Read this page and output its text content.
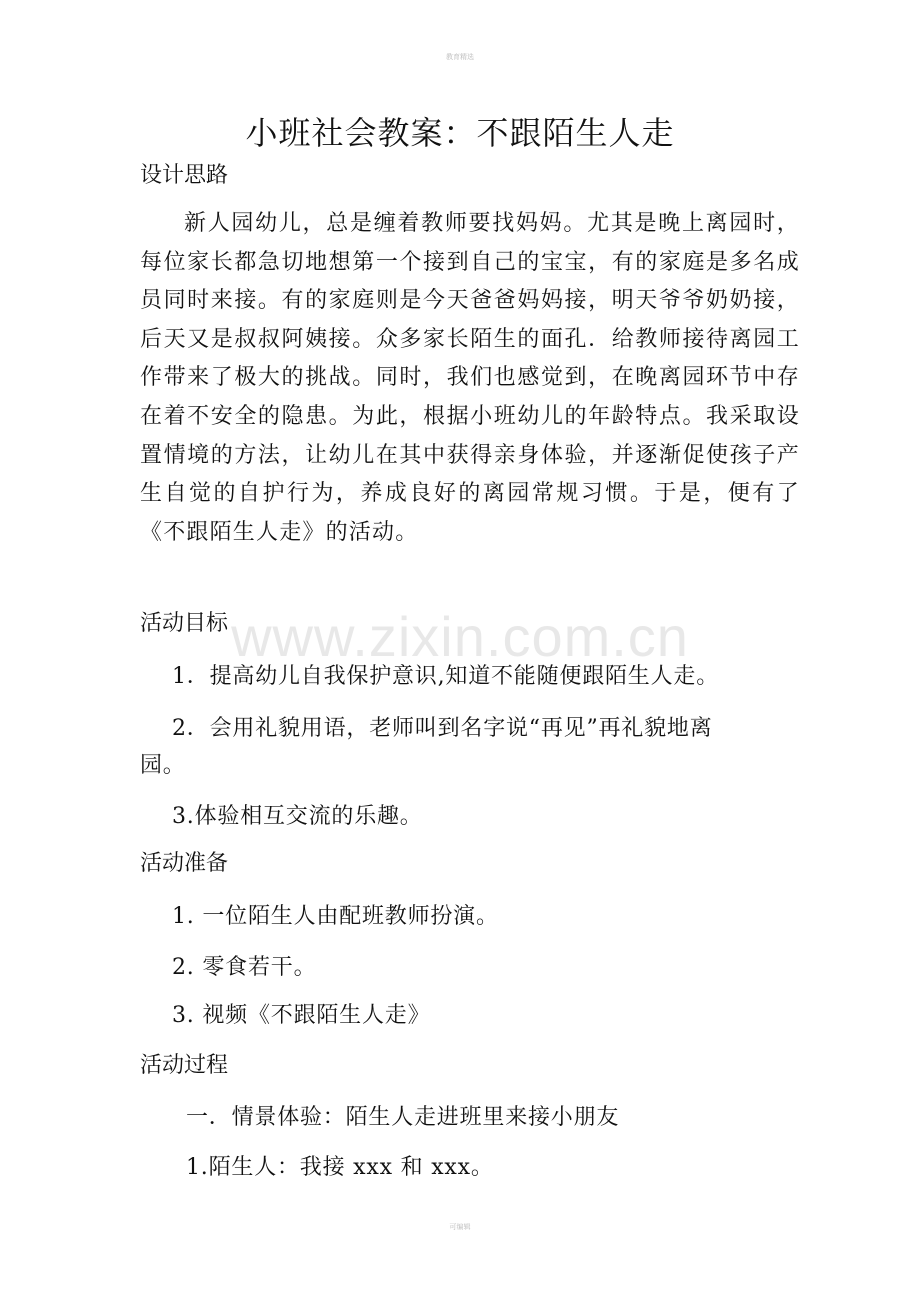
教育精选
小班社会教案：不跟陌生人走
设计思路

新人园幼儿，总是缠着教师要找妈妈。尤其是晚上离园时，每位家长都急切地想第一个接到自己的宝宝，有的家庭是多名成员同时来接。有的家庭则是今天爸爸妈妈接，明天爷爷奶奶接，后天又是叔叔阿姨接。众多家长陌生的面孔．给教师接待离园工作带来了极大的挑战。同时，我们也感觉到，在晚离园环节中存在着不安全的隐患。为此，根据小班幼儿的年龄特点。我采取设置情境的方法，让幼儿在其中获得亲身体验，并逐渐促使孩子产生自觉的自护行为，养成良好的离园常规习惯。于是，便有了《不跟陌生人走》的活动。

活动目标

1．提高幼儿自我保护意识,知道不能随便跟陌生人走。

2．会用礼貌用语，老师叫到名字说“再见”再礼貌地离

园。

3.体验相互交流的乐趣。

活动准备

1. 一位陌生人由配班教师扮演。

2. 零食若干。

3. 视频《不跟陌生人走》

活动过程

一．情景体验：陌生人走进班里来接小朋友

1.陌生人：我接 xxx 和 xxx。

www.zixin.com.cn
可编辑
